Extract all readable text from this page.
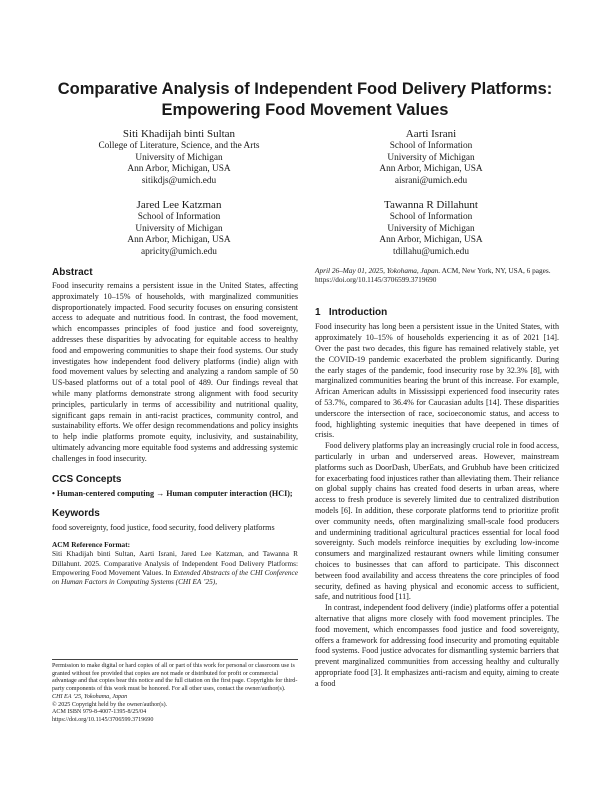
Comparative Analysis of Independent Food Delivery Platforms:
Empowering Food Movement Values
Siti Khadijah binti Sultan
College of Literature, Science, and the Arts
University of Michigan
Ann Arbor, Michigan, USA
sitikdjs@umich.edu
Aarti Israni
School of Information
University of Michigan
Ann Arbor, Michigan, USA
aisrani@umich.edu
Jared Lee Katzman
School of Information
University of Michigan
Ann Arbor, Michigan, USA
apricity@umich.edu
Tawanna R Dillahunt
School of Information
University of Michigan
Ann Arbor, Michigan, USA
tdillahu@umich.edu
Abstract

Food insecurity remains a persistent issue in the United States, affecting approximately 10–15% of households, with marginalized communities disproportionately impacted. Food security focuses on ensuring consistent access to adequate and nutritious food. In contrast, the food movement, which encompasses principles of food justice and food sovereignty, addresses these disparities by advocating for equitable access to healthy food and empowering communities to shape their food systems. Our study investigates how independent food delivery platforms (indie) align with food movement values by selecting and analyzing a random sample of 50 US-based platforms out of a total pool of 489. Our findings reveal that while many platforms demonstrate strong alignment with food security principles, particularly in terms of accessibility and nutritional quality, significant gaps remain in anti-racist practices, community control, and sustainability efforts. We offer design recommendations and policy insights to help indie platforms promote equity, inclusivity, and sustainability, ultimately advancing more equitable food systems and addressing systemic challenges in food insecurity.

CCS Concepts

• Human-centered computing → Human computer interaction (HCI);

Keywords

food sovereignty, food justice, food security, food delivery platforms

ACM Reference Format:
Siti Khadijah binti Sultan, Aarti Israni, Jared Lee Katzman, and Tawanna R Dillahunt. 2025. Comparative Analysis of Independent Food Delivery Platforms: Empowering Food Movement Values. In Extended Abstracts of the CHI Conference on Human Factors in Computing Systems (CHI EA ’25),
Permission to make digital or hard copies of all or part of this work for personal or classroom use is granted without fee provided that copies are not made or distributed for profit or commercial advantage and that copies bear this notice and the full citation on the first page. Copyrights for third-party components of this work must be honored. For all other uses, contact the owner/author(s).
CHI EA ’25, Yokohama, Japan
© 2025 Copyright held by the owner/author(s).
ACM ISBN 979-8-4007-1395-8/25/04
https://doi.org/10.1145/3706599.3719690
April 26–May 01, 2025, Yokohama, Japan. ACM, New York, NY, USA, 6 pages. https://doi.org/10.1145/3706599.3719690
1   Introduction

Food insecurity has long been a persistent issue in the United States, with approximately 10–15% of households experiencing it as of 2021 [14]. Over the past two decades, this figure has remained relatively stable, yet the COVID-19 pandemic exacerbated the problem significantly. During the early stages of the pandemic, food insecurity rose by 32.3% [8], with marginalized communities bearing the brunt of this increase. For example, African American adults in Mississippi experienced food insecurity rates of 53.7%, compared to 36.4% for Caucasian adults [14]. These disparities underscore the intersection of race, socioeconomic status, and access to food, highlighting systemic inequities that have deepened in times of crisis.

Food delivery platforms play an increasingly crucial role in food access, particularly in urban and underserved areas. However, mainstream platforms such as DoorDash, UberEats, and Grubhub have been criticized for exacerbating food injustices rather than alleviating them. Their reliance on global supply chains has created food deserts in urban areas, where access to fresh produce is severely limited due to centralized distribution models [6]. In addition, these corporate platforms tend to prioritize profit over community needs, often marginalizing small-scale food producers and undermining traditional agricultural practices essential for local food sovereignty. Such models reinforce inequities by excluding low-income consumers and marginalized restaurant owners while limiting consumer choices to businesses that can afford to participate. This disconnect between food availability and access threatens the core principles of food security, defined as having physical and economic access to sufficient, safe, and nutritious food [11].

In contrast, independent food delivery (indie) platforms offer a potential alternative that aligns more closely with food movement principles. The food movement, which encompasses food justice and food sovereignty, offers a framework for addressing food insecurity and promoting equitable food systems. Food justice advocates for dismantling systemic barriers that prevent marginalized communities from accessing healthy and culturally appropriate food [3]. It emphasizes anti-racism and equity, aiming to create a food
